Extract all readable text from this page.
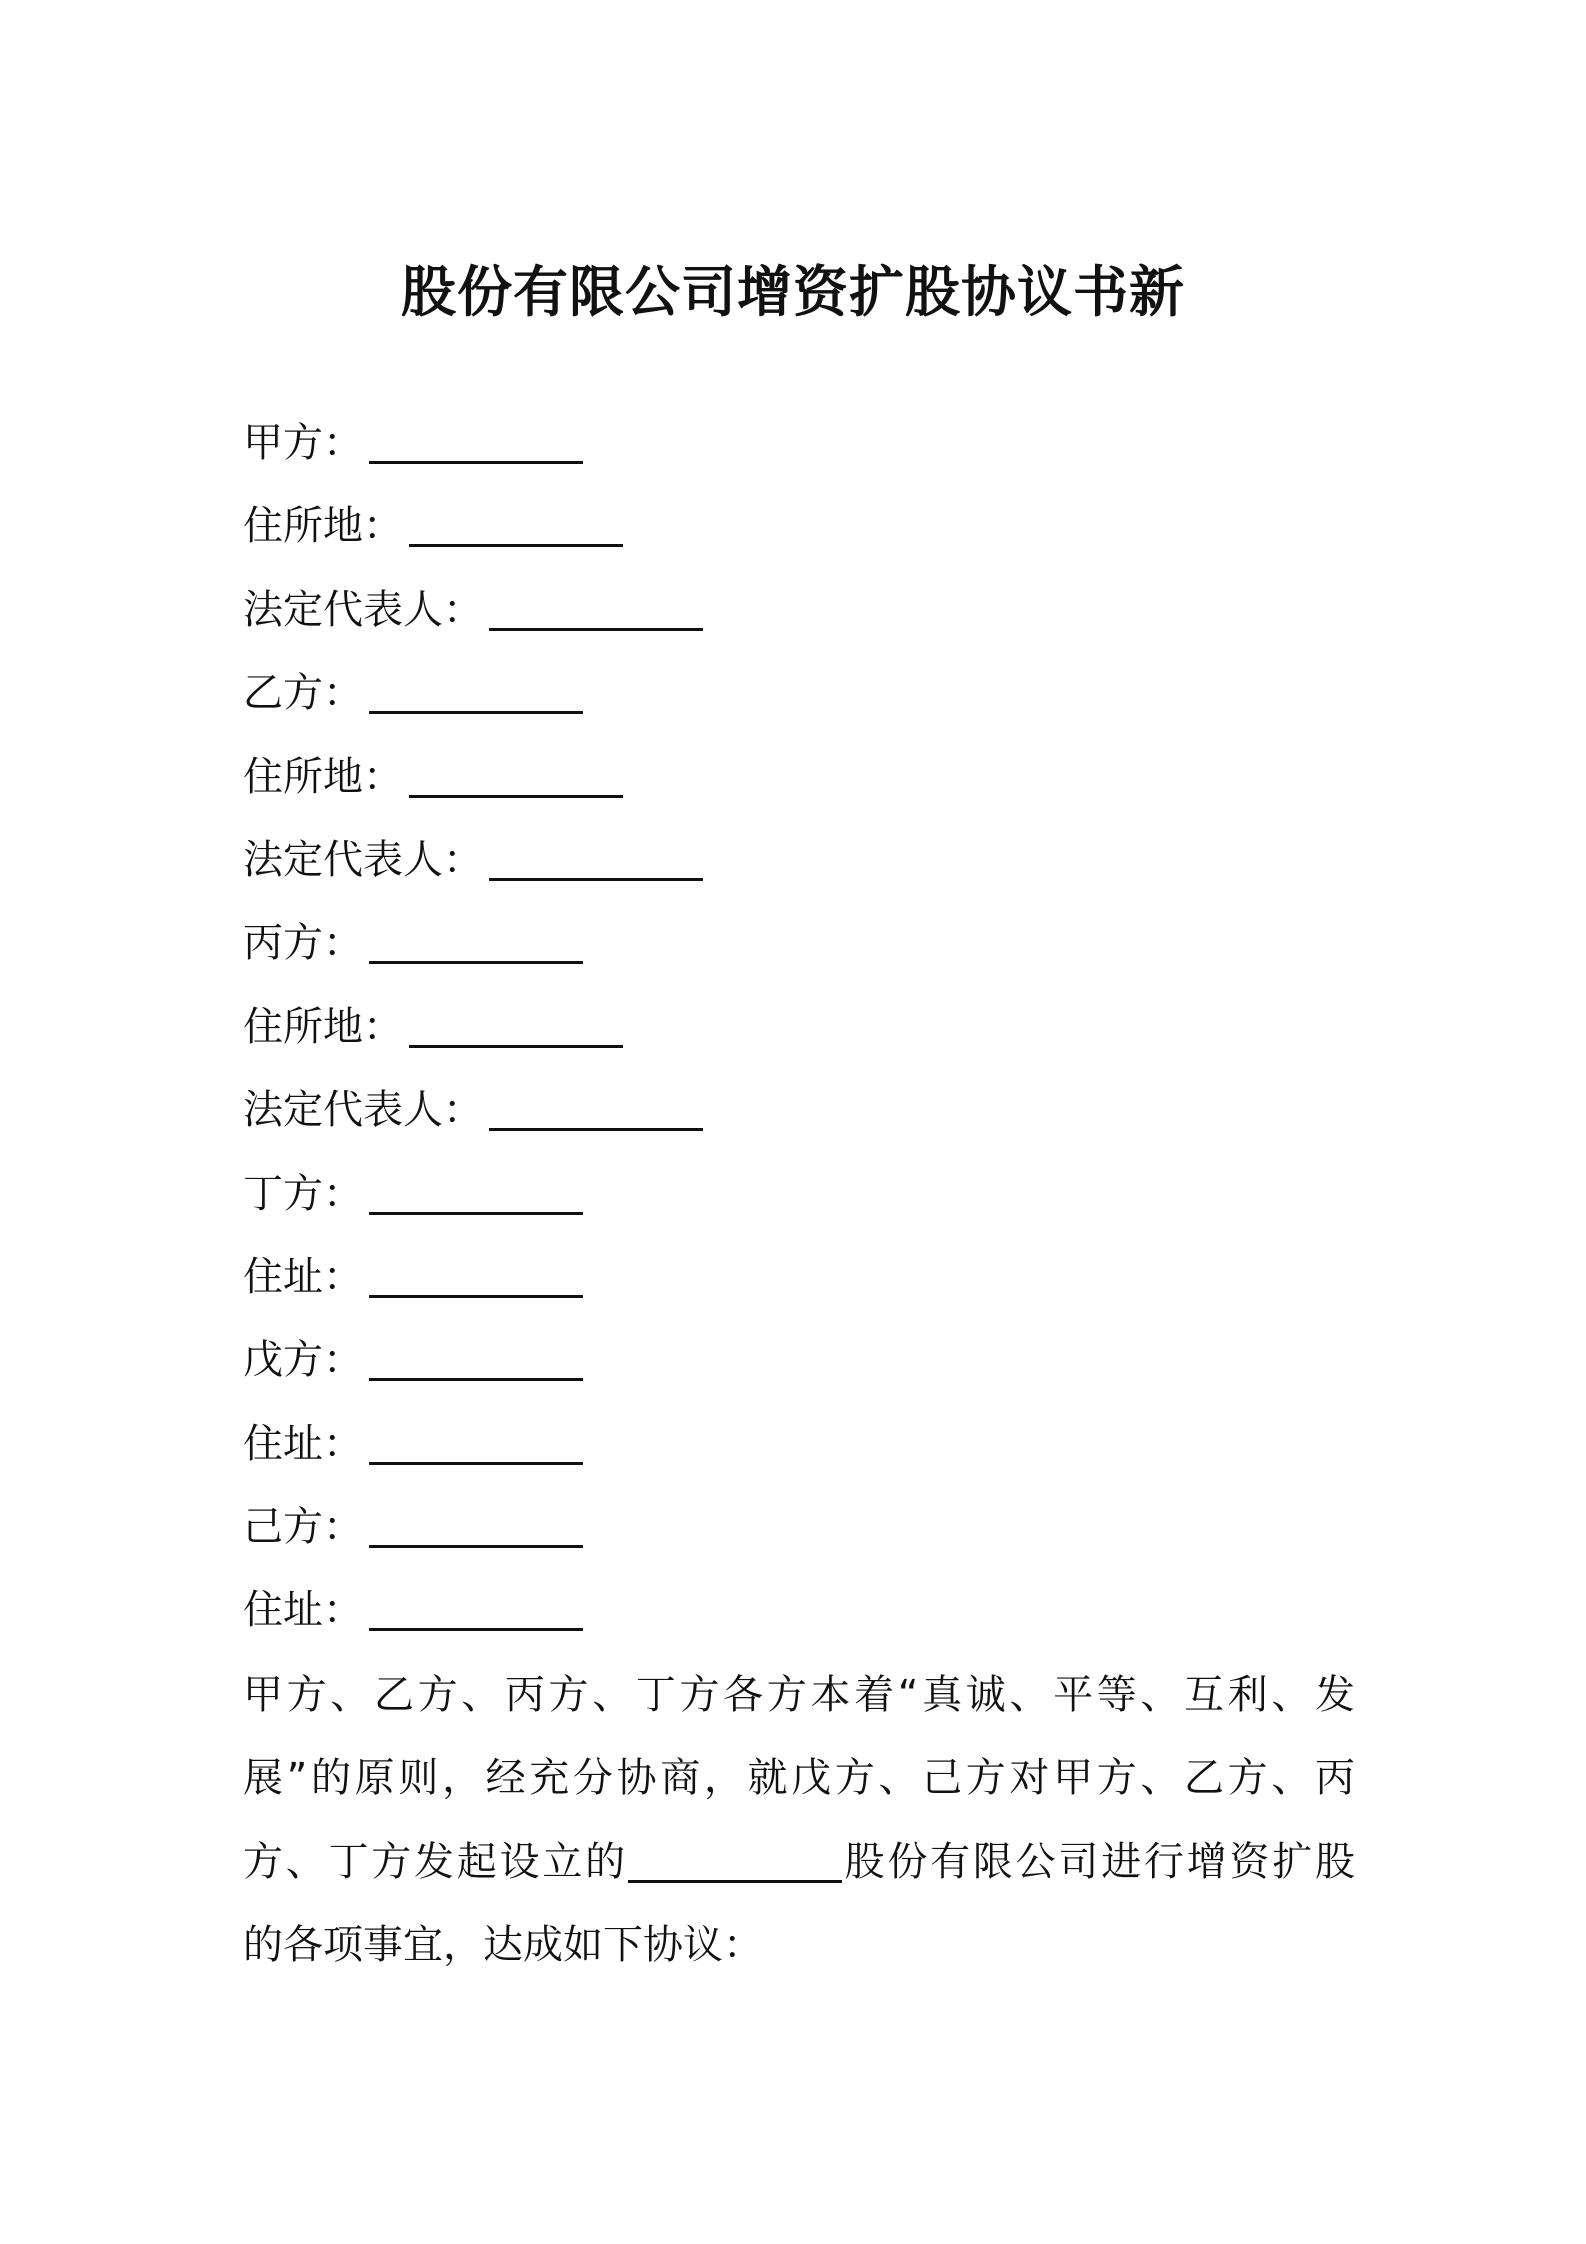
股份有限公司增资扩股协议书新
甲方：
住所地：
法定代表人：
乙方：
住所地：
法定代表人：
丙方：
住所地：
法定代表人：
丁方：
住址：
戊方：
住址：
己方：
住址：
甲方、乙方、丙方、丁方各方本着“真诚、平等、互利、发
展”的原则，经充分协商，就戊方、己方对甲方、乙方、丙
方、丁方发起设立的	股份有限公司进行增资扩股
的各项事宜，达成如下协议：
